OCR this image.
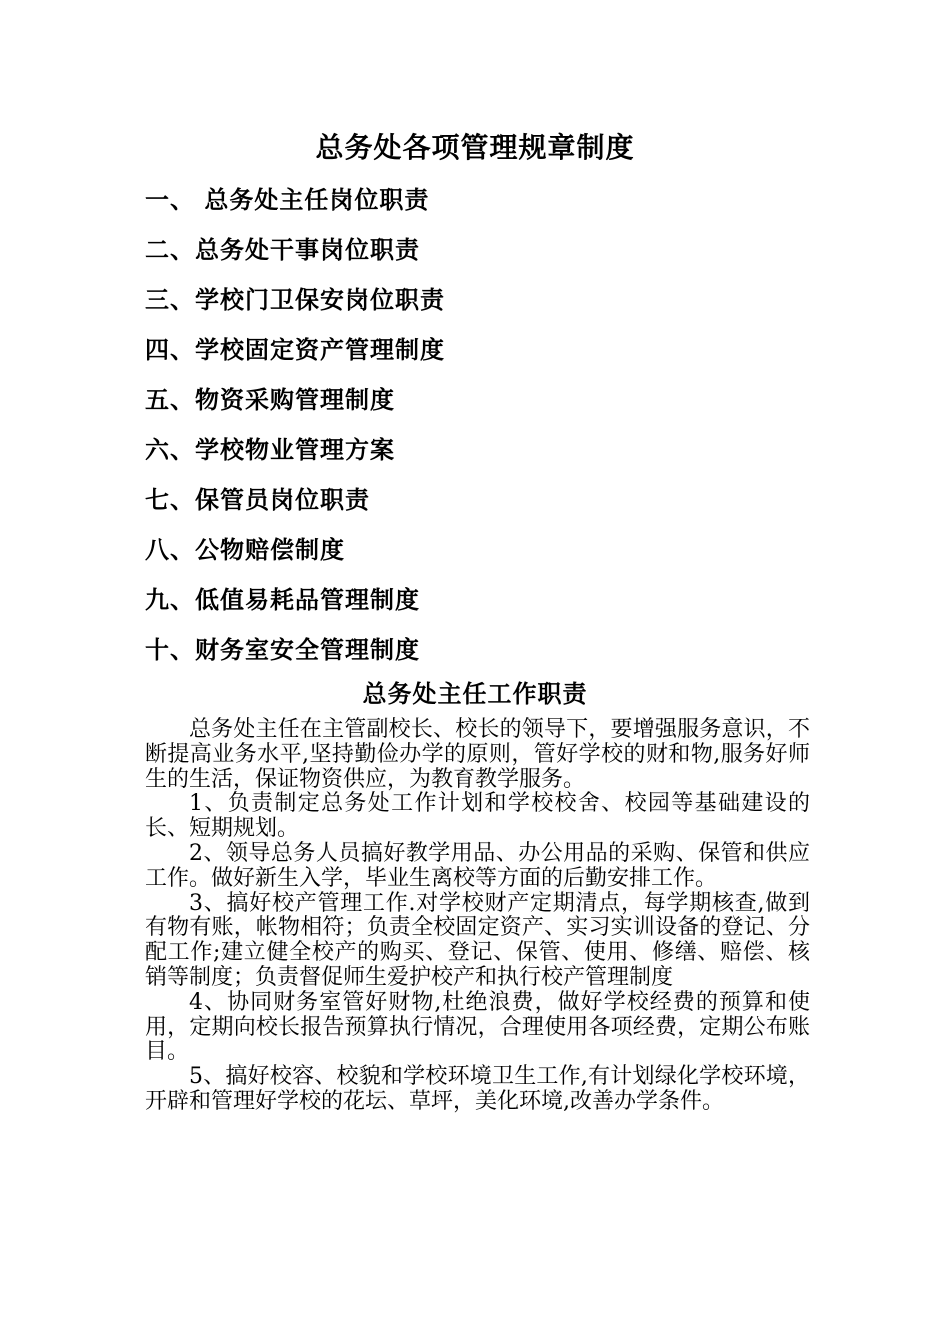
总务处各项管理规章制度
一、 总务处主任岗位职责
二、总务处干事岗位职责
三、学校门卫保安岗位职责
四、学校固定资产管理制度
五、物资采购管理制度
六、学校物业管理方案
七、保管员岗位职责
八、公物赔偿制度
九、低值易耗品管理制度
十、财务室安全管理制度
总务处主任工作职责

总务处主任在主管副校长、校长的领导下，要增强服务意识，不断提高业务水平,坚持勤俭办学的原则，管好学校的财和物,服务好师生的生活，保证物资供应，为教育教学服务。

1、负责制定总务处工作计划和学校校舍、校园等基础建设的长、短期规划。

2、领导总务人员搞好教学用品、办公用品的采购、保管和供应工作。做好新生入学，毕业生离校等方面的后勤安排工作。

3、搞好校产管理工作.对学校财产定期清点，每学期核查,做到有物有账，帐物相符；负责全校固定资产、实习实训设备的登记、分配工作;建立健全校产的购买、登记、保管、使用、修缮、赔偿、核销等制度；负责督促师生爱护校产和执行校产管理制度

4、协同财务室管好财物,杜绝浪费，做好学校经费的预算和使用，定期向校长报告预算执行情况，合理使用各项经费，定期公布账目。

5、搞好校容、校貌和学校环境卫生工作,有计划绿化学校环境，开辟和管理好学校的花坛、草坪，美化环境,改善办学条件。
